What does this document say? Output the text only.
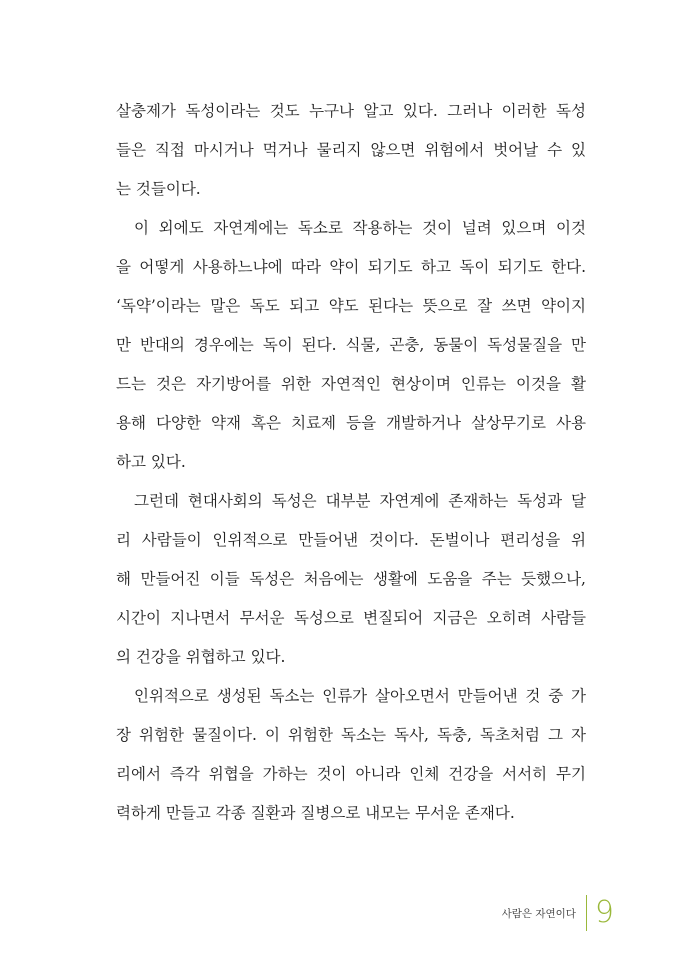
살충제가 독성이라는 것도 누구나 알고 있다. 그러나 이러한 독성
들은 직접 마시거나 먹거나 물리지 않으면 위험에서 벗어날 수 있
는 것들이다.
이 외에도 자연계에는 독소로 작용하는 것이 널려 있으며 이것
을 어떻게 사용하느냐에 따라 약이 되기도 하고 독이 되기도 한다.
‘독약’이라는 말은 독도 되고 약도 된다는 뜻으로 잘 쓰면 약이지
만 반대의 경우에는 독이 된다. 식물, 곤충, 동물이 독성물질을 만
드는 것은 자기방어를 위한 자연적인 현상이며 인류는 이것을 활
용해 다양한 약재 혹은 치료제 등을 개발하거나 살상무기로 사용
하고 있다.
그런데 현대사회의 독성은 대부분 자연계에 존재하는 독성과 달
리 사람들이 인위적으로 만들어낸 것이다. 돈벌이나 편리성을 위
해 만들어진 이들 독성은 처음에는 생활에 도움을 주는 듯했으나,
시간이 지나면서 무서운 독성으로 변질되어 지금은 오히려 사람들
의 건강을 위협하고 있다.
인위적으로 생성된 독소는 인류가 살아오면서 만들어낸 것 중 가
장 위험한 물질이다. 이 위험한 독소는 독사, 독충, 독초처럼 그 자
리에서 즉각 위협을 가하는 것이 아니라 인체 건강을 서서히 무기
력하게 만들고 각종 질환과 질병으로 내모는 무서운 존재다.
사람은 자연이다 9
